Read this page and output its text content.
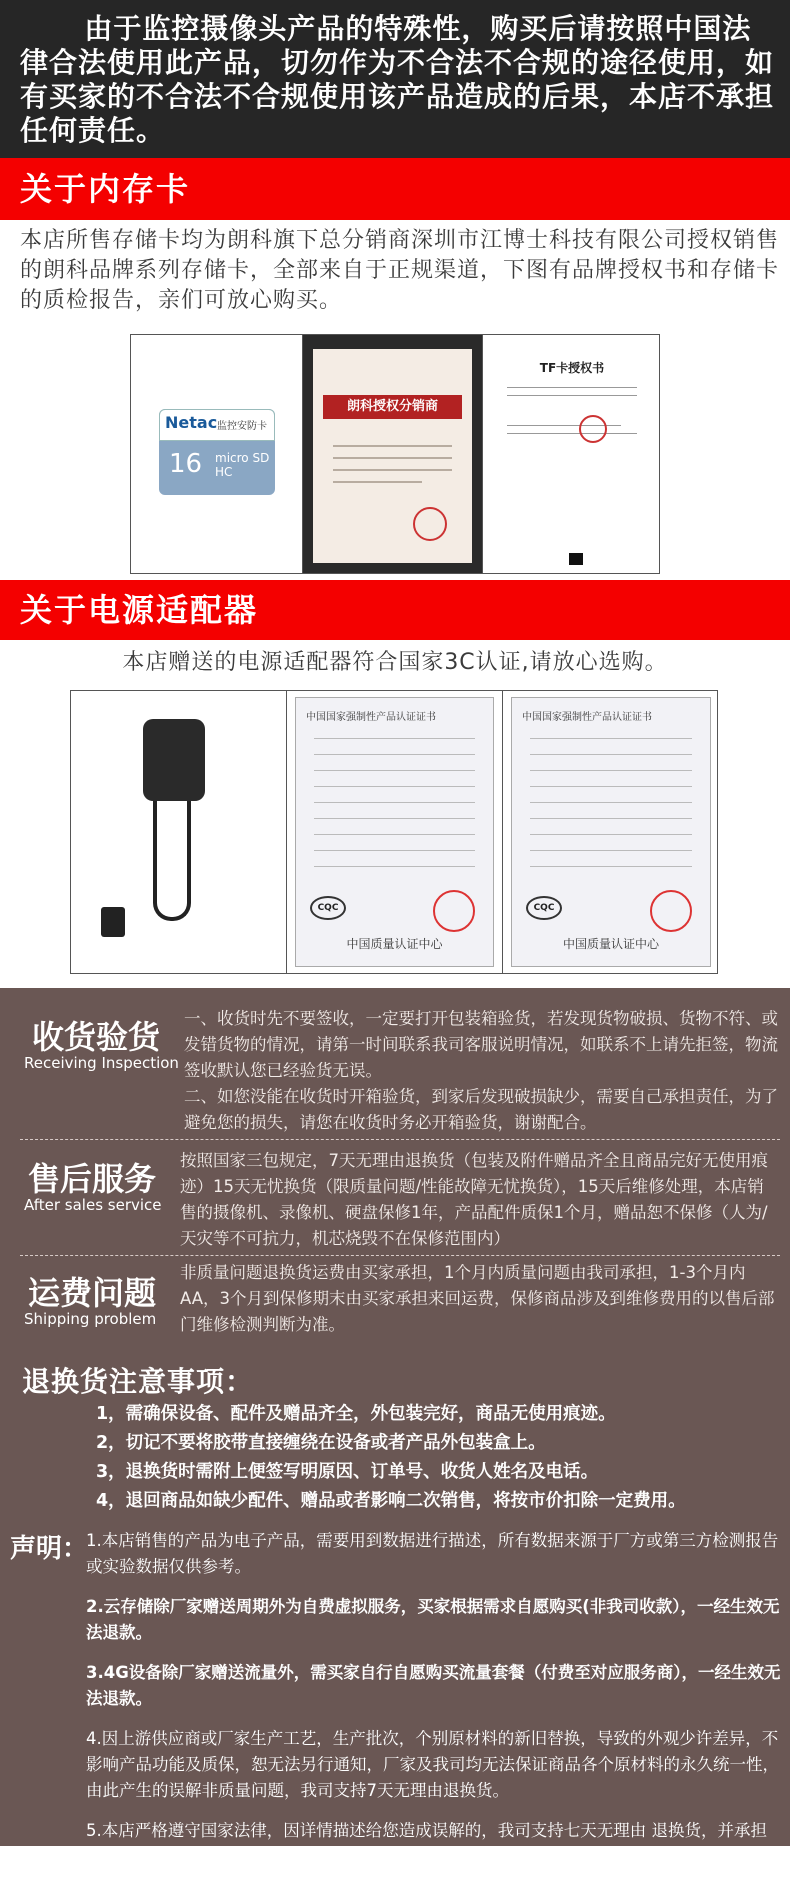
由于监控摄像头产品的特殊性，购买后请按照中国法律合法使用此产品，切勿作为不合法不合规的途径使用，如有买家的不合法不合规使用该产品造成的后果，本店不承担任何责任。

关于内存卡
本店所售存储卡均为朗科旗下总分销商深圳市江博士科技有限公司授权销售的朗科品牌系列存储卡，全部来自于正规渠道，下图有品牌授权书和存储卡的质检报告，亲们可放心购买。
Netac 监控安防卡
16 micro SD HC
朗科授权分销商
TF卡授权书
关于电源适配器
本店赠送的电源适配器符合国家3C认证,请放心选购。
中国国家强制性产品认证证书
CQC
中国质量认证中心
中国国家强制性产品认证证书
CQC
中国质量认证中心
收货验货
Receiving Inspection

一、收货时先不要签收，一定要打开包装箱验货，若发现货物破损、货物不符、或发错货物的情况，请第一时间联系我司客服说明情况，如联系不上请先拒签，物流签收默认您已经验货无误。

二、如您没能在收货时开箱验货，到家后发现破损缺少，需要自己承担责任，为了避免您的损失，请您在收货时务必开箱验货，谢谢配合。

售后服务
After sales service

按照国家三包规定，7天无理由退换货（包装及附件赠品齐全且商品完好无使用痕迹）15天无忧换货（限质量问题/性能故障无忧换货），15天后维修处理，本店销售的摄像机、录像机、硬盘保修1年，产品配件质保1个月，赠品恕不保修（人为/天灾等不可抗力，机芯烧毁不在保修范围内）

运费问题
Shipping problem

非质量问题退换货运费由买家承担，1个月内质量问题由我司承担，1-3个月内AA，3个月到保修期末由买家承担来回运费，保修商品涉及到维修费用的以售后部门维修检测判断为准。

退换货注意事项：
1，需确保设备、配件及赠品齐全，外包装完好，商品无使用痕迹。
2，切记不要将胶带直接缠绕在设备或者产品外包装盒上。
3，退换货时需附上便签写明原因、订单号、收货人姓名及电话。
4，退回商品如缺少配件、赠品或者影响二次销售，将按市价扣除一定费用。
声明：
1.本店销售的产品为电子产品，需要用到数据进行描述，所有数据来源于厂方或第三方检测报告或实验数据仅供参考。
2.云存储除厂家赠送周期外为自费虚拟服务，买家根据需求自愿购买(非我司收款），一经生效无法退款。
3.4G设备除厂家赠送流量外，需买家自行自愿购买流量套餐（付费至对应服务商），一经生效无法退款。
4.因上游供应商或厂家生产工艺，生产批次，个别原材料的新旧替换，导致的外观少许差异，不影响产品功能及质保，恕无法另行通知，厂家及我司均无法保证商品各个原材料的永久统一性，由此产生的误解非质量问题，我司支持7天无理由退换货。
5.本店严格遵守国家法律，因详情描述给您造成误解的，我司支持七天无理由 退换货，并承担退货运费，郑重声明我司司法归属地为上海，任何法律纠纷归我司注册地管辖。
